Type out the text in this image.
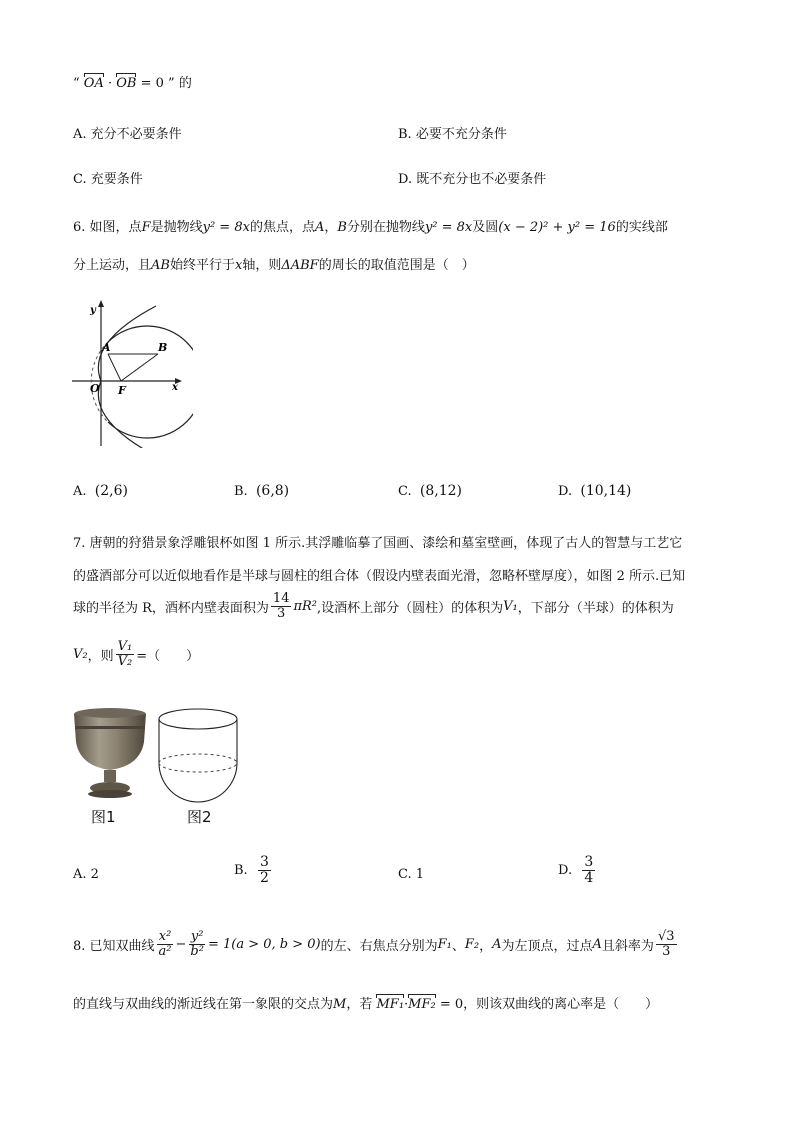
“ OA · OB = 0 ” 的
A. 充分不必要条件	B. 必要不充分条件
C. 充要条件	D. 既不充分也不必要条件
6. 如图，点F是抛物线y² = 8x的焦点，点A，B分别在抛物线y² = 8x及圆(x − 2)² + y² = 16的实线部
分上运动，且AB始终平行于x轴，则ΔABF的周长的取值范围是（　）
y
x
O F
A	B
A. (2,6)	B. (6,8)	C. (8,12)	D. (10,14)
7. 唐朝的狩猎景象浮雕银杯如图 1 所示.其浮雕临摹了国画、漆绘和墓室壁画，体现了古人的智慧与工艺它
的盛酒部分可以近似地看作是半球与圆柱的组合体（假设内壁表面光滑，忽略杯壁厚度），如图 2 所示.已知
球的半径为 R，酒杯内壁表面积为 $\frac{14}{3} \pi R^2$ ,设酒杯上部分（圆柱）的体积为 V₁ ，下部分（半球）的体积为
V₂ ，则 $\frac{\text{V₁}}{\text{V₂}}$ =（　　）
图1	图2
A. 2	B.
$\frac{3}{2}$	C. 1	D.
$\frac{3}{4}$
8. 已知双曲线 $\frac{\text{x²}}{\text{a²}} - \frac{\text{y²}}{\text{b²}} = 1(a > 0$, b > 0) 的左、右焦点分别为 F₁ 、 F₂ ， A 为左顶点，过点 A 且斜率为 $\frac{√3}{3}$
的直线与双曲线的渐近线在第一象限的交点为M，若 MF₁·MF₂ = 0，则该双曲线的离心率是（　　）
